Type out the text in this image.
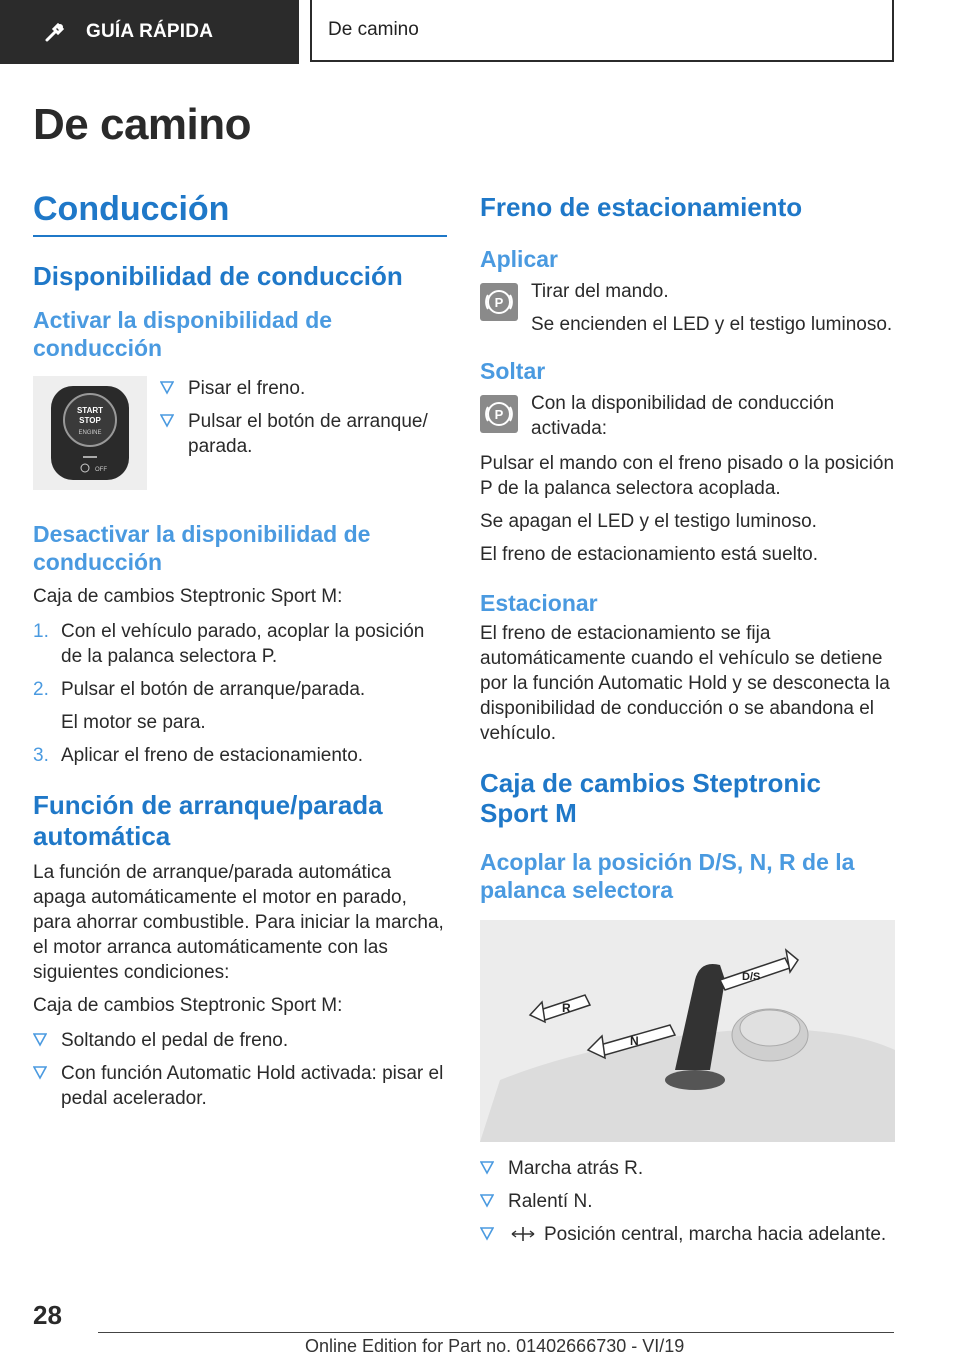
GUÍA RÁPIDA	De camino
De camino
Conducción
Disponibilidad de conducción
Activar la disponibilidad de conducción
START
STOP
ENGINE
OFF
Pisar el freno.
Pulsar el botón de arranque/ parada.
Desactivar la disponibilidad de conducción
Caja de cambios Steptronic Sport M:
1. Con el vehículo parado, acoplar la posición de la palanca selectora P.
2. Pulsar el botón de arranque/parada.
El motor se para.
3. Aplicar el freno de estacionamiento.
Función de arranque/parada automática
La función de arranque/parada automática apaga automáticamente el motor en parado, para ahorrar combustible. Para iniciar la marcha, el motor arranca automáticamente con las siguientes condiciones:
Caja de cambios Steptronic Sport M:
Soltando el pedal de freno.
Con función Automatic Hold activada: pisar el pedal acelerador.
Freno de estacionamiento
Aplicar
P
Tirar del mando.
Se encienden el LED y el testigo luminoso.
Soltar
P
Con la disponibilidad de conducción activada:
Pulsar el mando con el freno pisado o la posición P de la palanca selectora acoplada.
Se apagan el LED y el testigo luminoso.
El freno de estacionamiento está suelto.
Estacionar
El freno de estacionamiento se fija automáticamente cuando el vehículo se detiene por la función Automatic Hold y se desconecta la disponibilidad de conducción o se abandona el vehículo.
Caja de cambios Steptronic Sport M
Acoplar la posición D/S, N, R de la palanca selectora
R
N
D/S
Marcha atrás R.
Ralentí N.
Posición central, marcha hacia adelante.
28
Online Edition for Part no. 01402666730 - VI/19
